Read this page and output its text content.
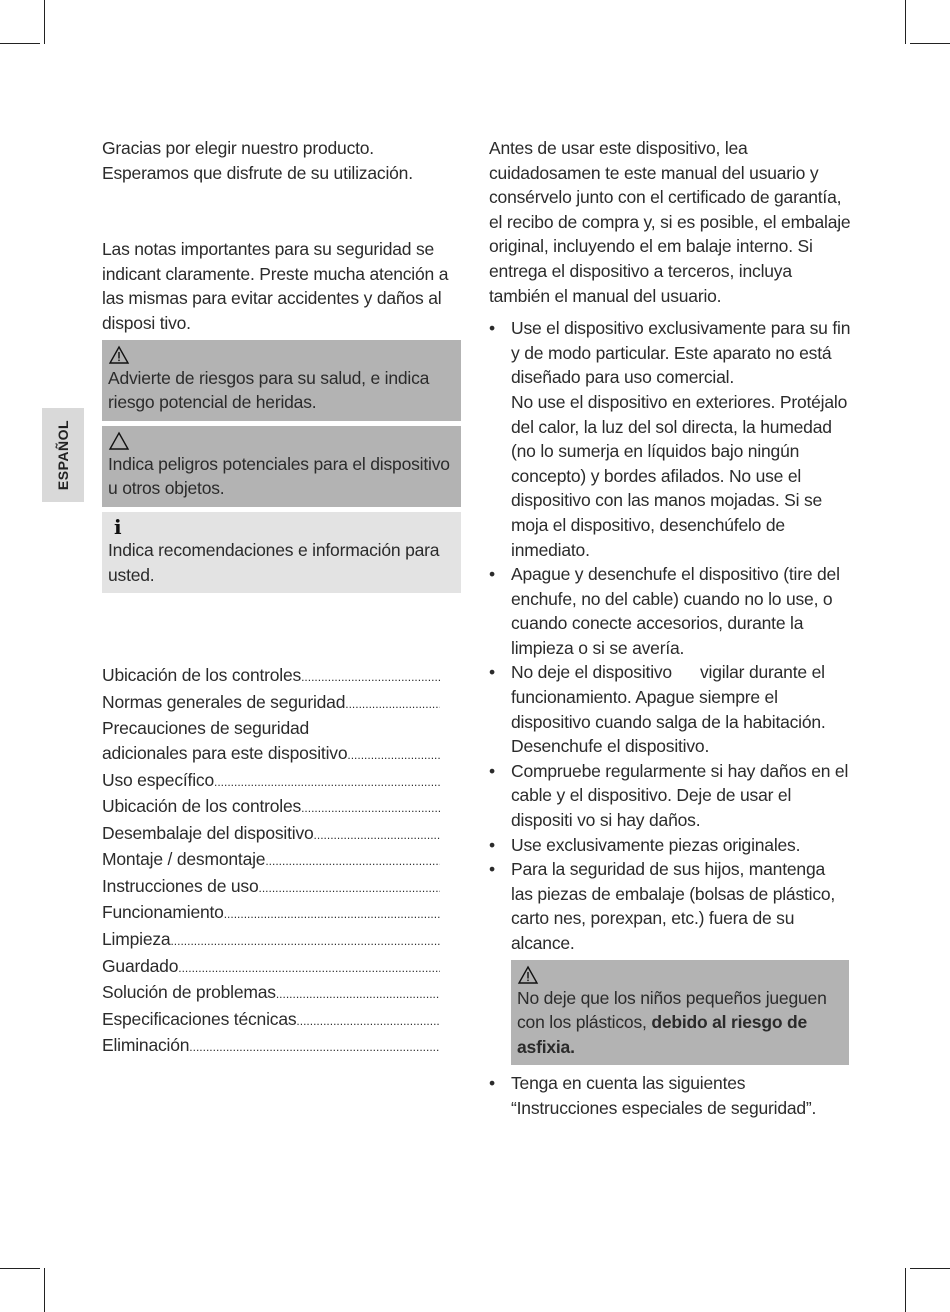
ESPAÑOL

Gracias por elegir nuestro producto. Esperamos que disfrute de su utilización.

Las notas importantes para su seguridad se indicant claramente. Preste mucha atención a las mismas para evitar accidentes y daños al disposi tivo.

Advierte de riesgos para su salud, e indica riesgo potencial de heridas.
Indica peligros potenciales para el dispositivo u otros objetos.
i
Indica recomendaciones e información para usted.
Ubicación de los controles
.....
Normas generales de seguridad
.....
Precauciones de seguridad
adicionales para este dispositivo
.....
Uso específico
.....
Ubicación de los controles
.....
Desembalaje del dispositivo
.....
Montaje / desmontaje
.....
Instrucciones de uso
.....
Funcionamiento
.....
Limpieza
.....
Guardado
.....
Solución de problemas
.....
Especificaciones técnicas
.....
Eliminación
.....

Antes de usar este dispositivo, lea cuidadosamen te este manual del usuario y consérvelo junto con el certificado de garantía, el recibo de compra y, si es posible, el embalaje original, incluyendo el em balaje interno. Si entrega el dispositivo a terceros, incluya también el manual del usuario.

• Use el dispositivo exclusivamente para su fin y de modo particular. Este aparato no está diseñado para uso comercial.
No use el dispositivo en exteriores. Protéjalo del calor, la luz del sol directa, la humedad (no lo sumerja en líquidos bajo ningún concepto) y bordes afilados. No use el dispositivo con las manos mojadas. Si se moja el dispositivo, desenchúfelo de inmediato.
• Apague y desenchufe el dispositivo (tire del enchufe, no del cable) cuando no lo use, o cuando conecte accesorios, durante la limpieza o si se avería.
• No deje el dispositivo vigilar durante el funcionamiento. Apague siempre el dispositivo cuando salga de la habitación. Desenchufe el dispositivo.
• Compruebe regularmente si hay daños en el cable y el dispositivo. Deje de usar el dispositi vo si hay daños.
• Use exclusivamente piezas originales.
• Para la seguridad de sus hijos, mantenga las piezas de embalaje (bolsas de plástico, carto nes, porexpan, etc.) fuera de su alcance.
No deje que los niños pequeños jueguen con los plásticos, debido al riesgo de asfixia.
• Tenga en cuenta las siguientes “Instrucciones especiales de seguridad”.
